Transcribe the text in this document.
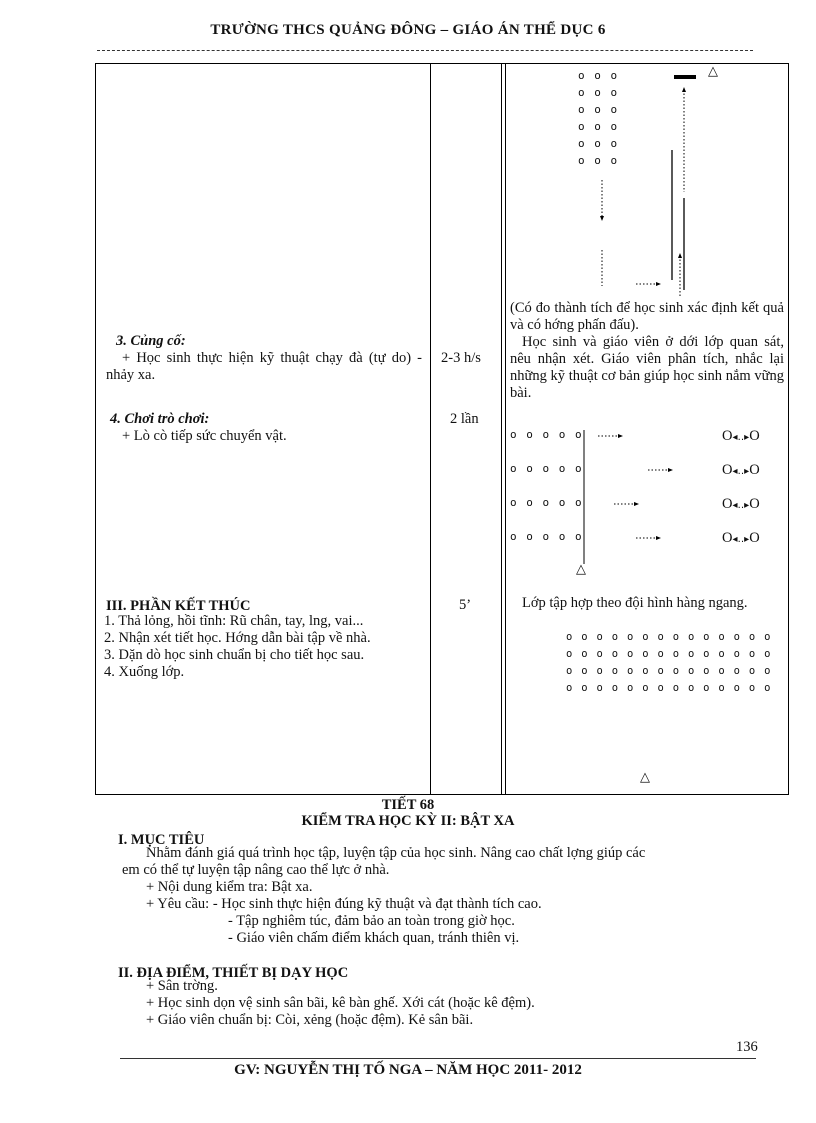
TRƯỜNG THCS QUẢNG ĐÔNG – GIÁO ÁN THỂ DỤC 6
3. Củng cố:
+ Học sinh thực hiện kỹ thuật chạy đà (tự do) - nhảy xa.
4. Chơi trò chơi:
+ Lò cò tiếp sức chuyển vật.
III. PHẦN KẾT THÚC
1. Thả lỏng, hồi tĩnh: Rũ chân, tay, lng, vai...
2. Nhận xét tiết học. Hớng dẫn bài tập về nhà.
3. Dặn dò học sinh chuẩn bị cho tiết học sau.
4. Xuống lớp.
2-3 h/s
2 lần
5’
o o o
o o o
o o o
o o o
o o o
o o o
△
(Có đo thành tích để học sinh xác định kết quả và có hớng phấn đấu).
Học sinh và giáo viên ở dới lớp quan sát, nêu nhận xét. Giáo viên phân tích, nhắc lại những kỹ thuật cơ bản giúp học sinh nắm vững bài.
o o o o o
o o o o o
o o o o o
o o o o o
O◂‥▸O
O◂‥▸O
O◂‥▸O
O◂‥▸O
△
Lớp tập hợp theo đội hình hàng ngang.
o o o o o o o o o o o o o o
o o o o o o o o o o o o o o
o o o o o o o o o o o o o o
o o o o o o o o o o o o o o
△
TIẾT 68
KIỂM TRA HỌC KỲ II: BẬT XA
I. MỤC TIÊU
Nhằm đánh giá quá trình học tập, luyện tập của học sinh. Nâng cao chất lợng giúp các
em có thể tự luyện tập nâng cao thể lực ở nhà.
+ Nội dung kiểm tra: Bật xa.
+ Yêu cầu: - Học sinh thực hiện đúng kỹ thuật và đạt thành tích cao.
- Tập nghiêm túc, đảm bảo an toàn trong giờ học.
- Giáo viên chấm điểm khách quan, tránh thiên vị.
II. ĐỊA ĐIỂM, THIẾT BỊ DẠY HỌC
+ Sân trờng.
+ Học sinh dọn vệ sinh sân bãi, kê bàn ghế. Xới cát (hoặc kê đệm).
+ Giáo viên chuẩn bị: Còi, xẻng (hoặc đệm). Kẻ sân bãi.
136
GV: NGUYỄN THỊ TỐ NGA – NĂM HỌC 2011- 2012
